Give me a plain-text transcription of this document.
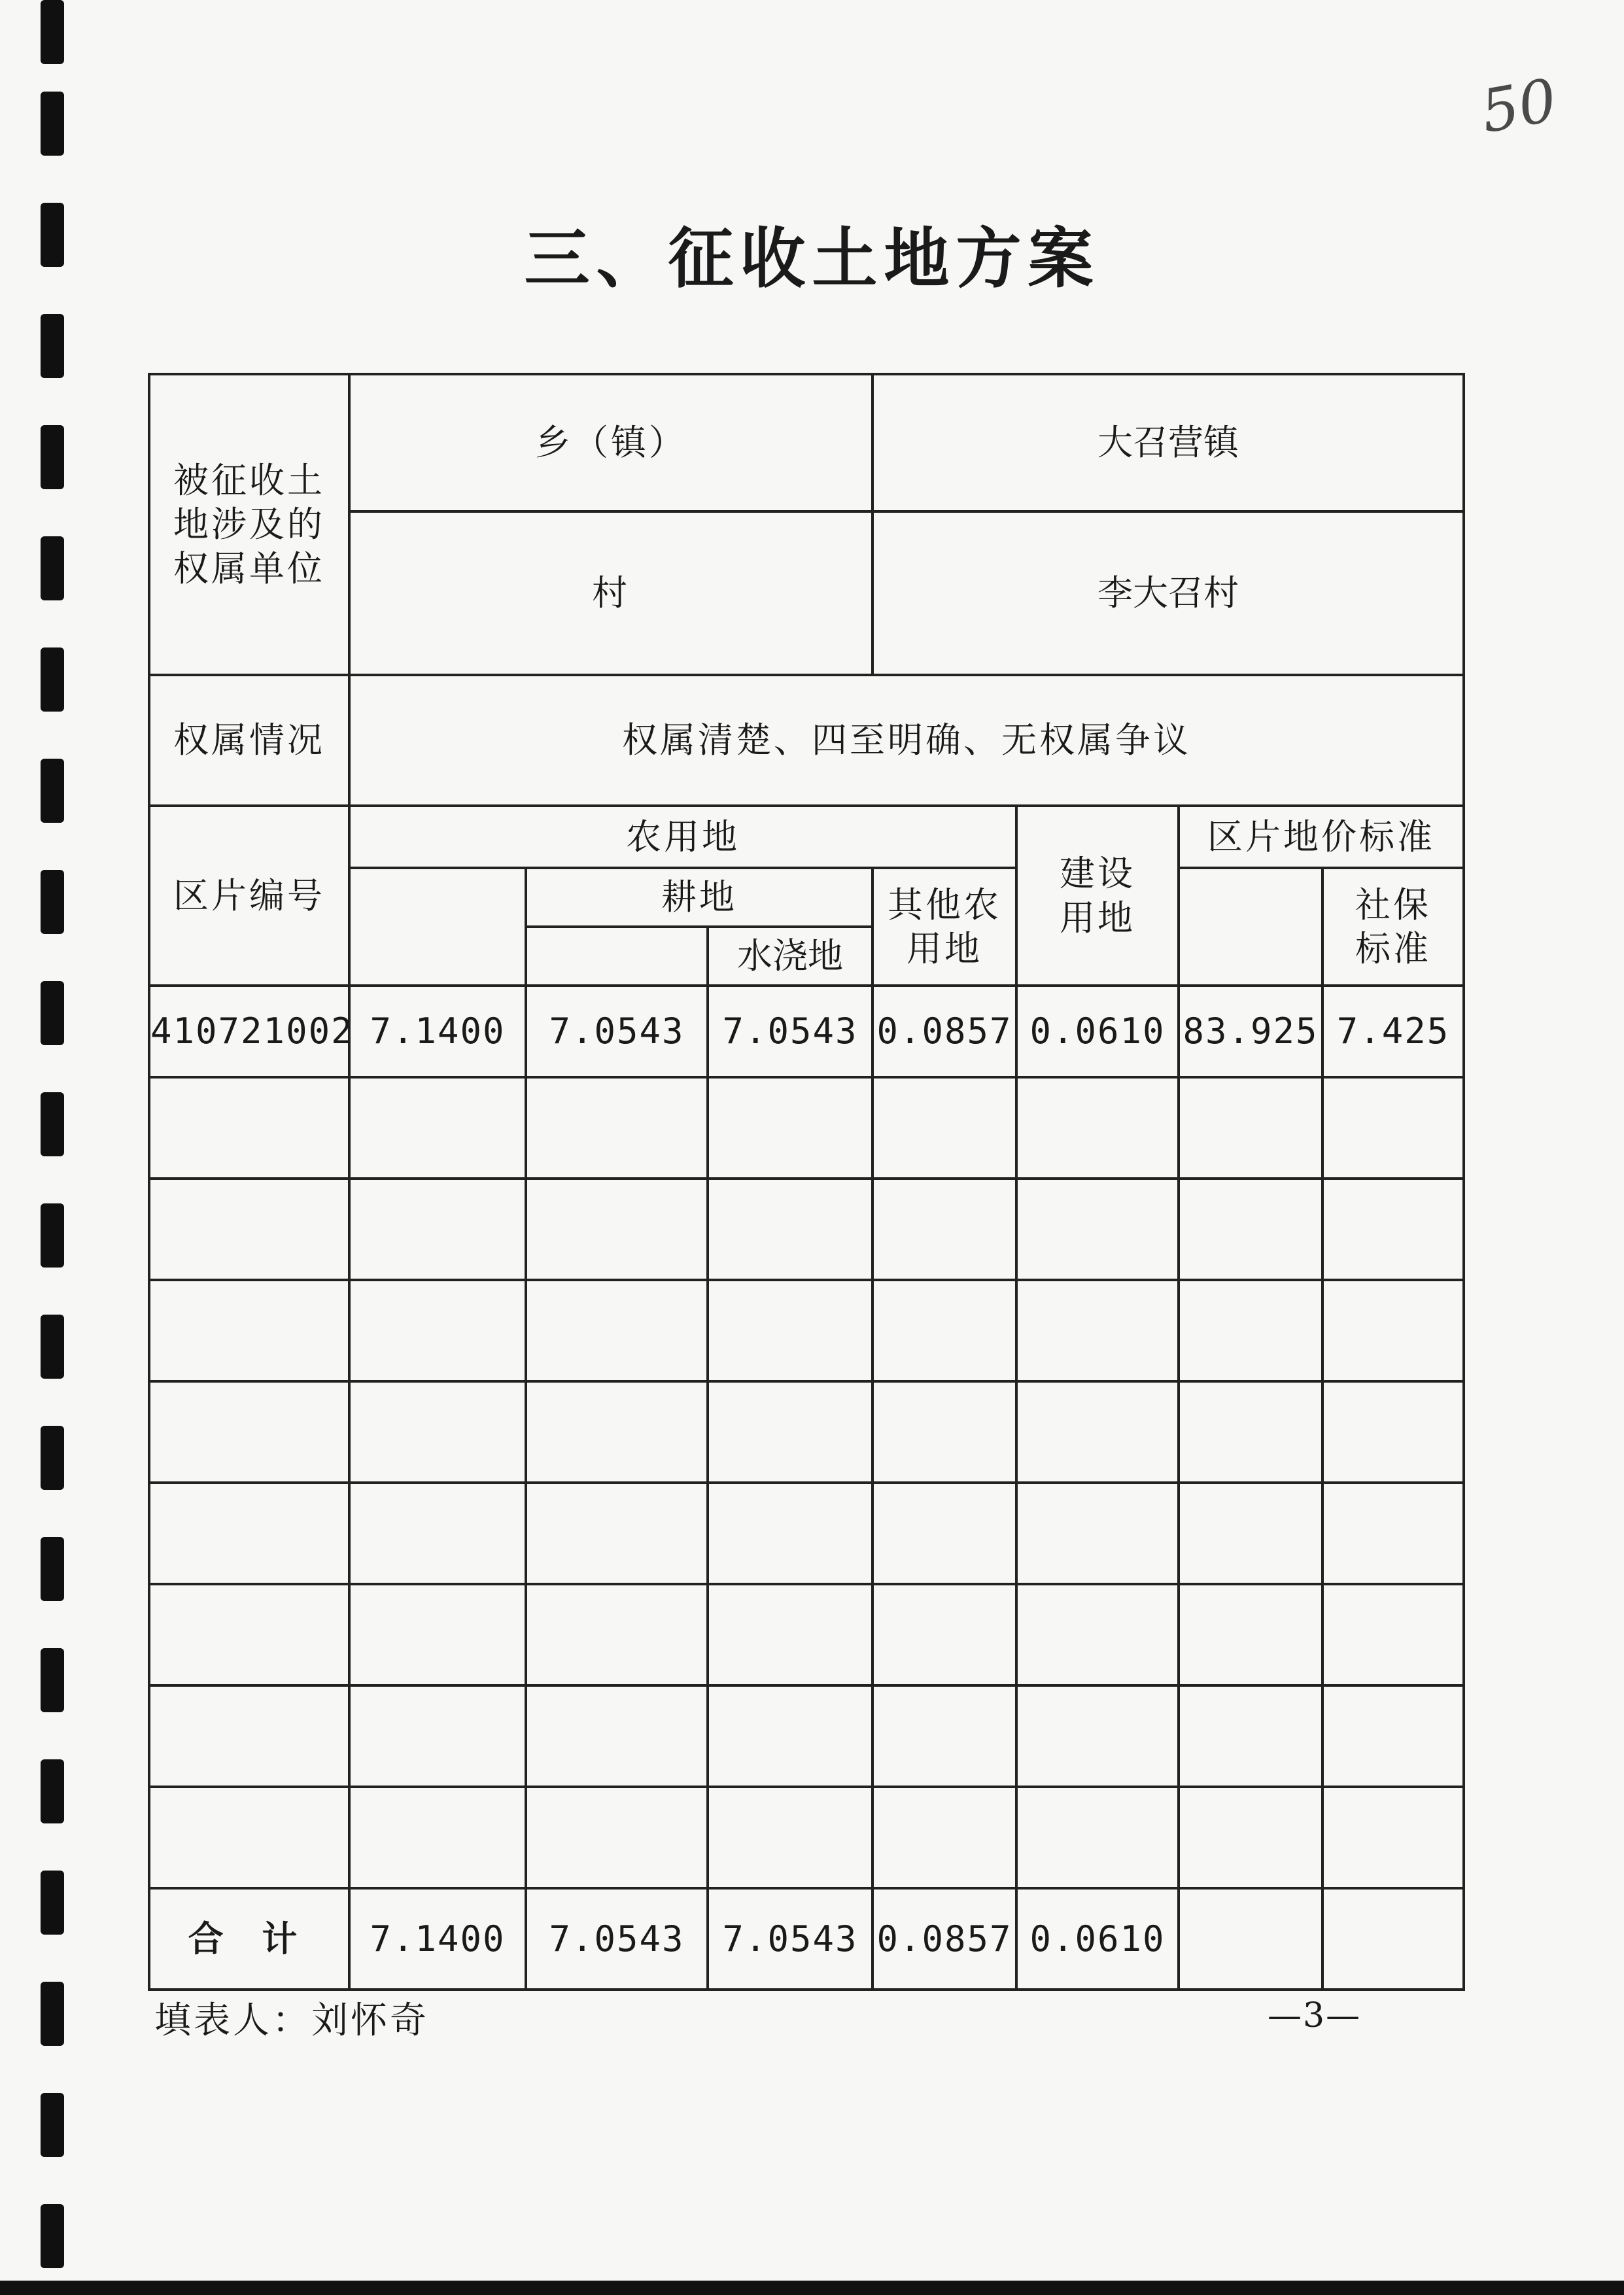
50
三、征收土地方案
被征收土地涉及的权属单位	乡（镇）			大召营镇			
	村			李大召村			
权属情况	权属清楚、四至明确、无权属争议						
区片编号	农用地				建设用地	区片地价标准	
		耕地		其他农用地			社保标准
			水浇地				
410721002	7.1400	7.0543	7.0543	0.0857	0.0610	83.925	7.425

合 计	7.1400	7.0543	7.0543	0.0857	0.0610		
填表人：刘怀奇	—3—
